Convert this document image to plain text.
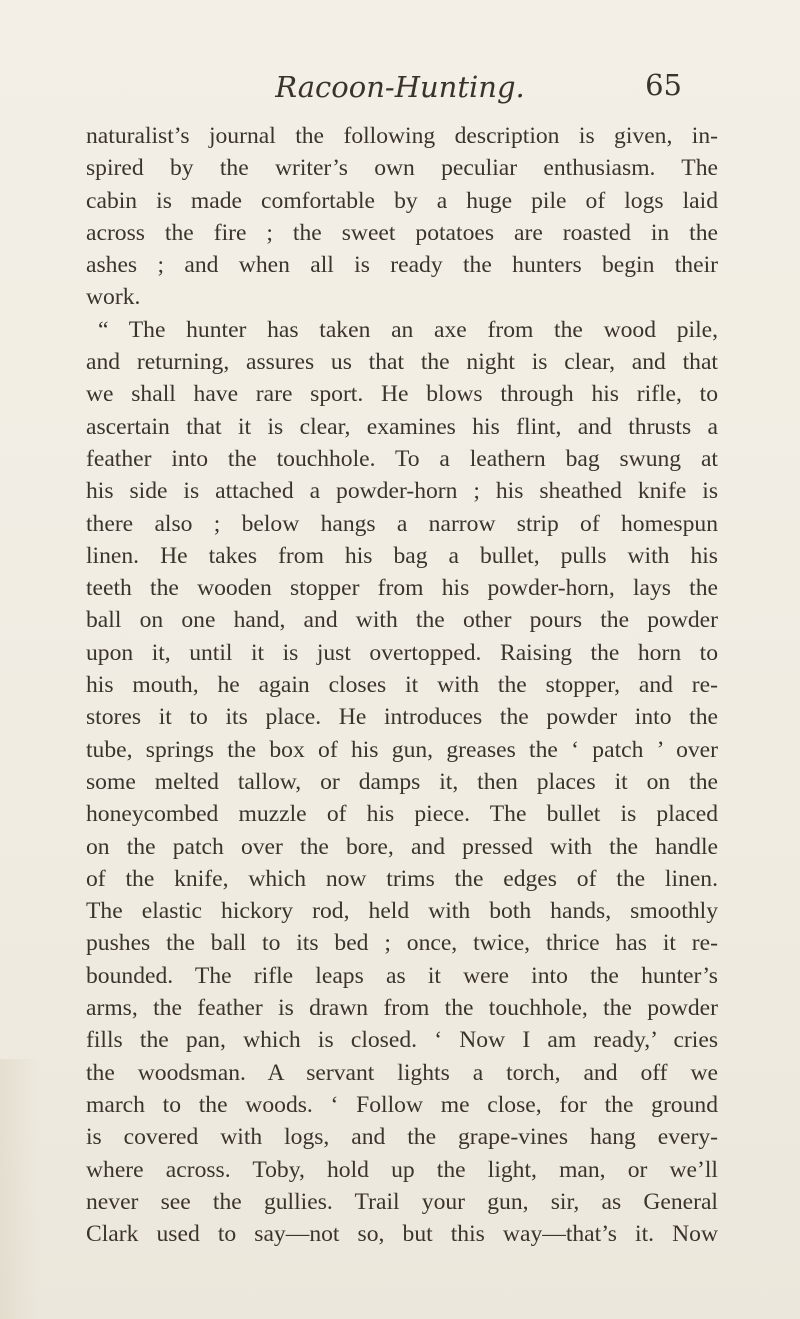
Racoon-Hunting.	65
naturalist’s journal the following description is given, in-
spired by the writer’s own peculiar enthusiasm. The
cabin is made comfortable by a huge pile of logs laid
across the fire ; the sweet potatoes are roasted in the
ashes ; and when all is ready the hunters begin their
work.
“ The hunter has taken an axe from the wood pile,
and returning, assures us that the night is clear, and that
we shall have rare sport. He blows through his rifle, to
ascertain that it is clear, examines his flint, and thrusts a
feather into the touchhole. To a leathern bag swung at
his side is attached a powder-horn ; his sheathed knife is
there also ; below hangs a narrow strip of homespun
linen. He takes from his bag a bullet, pulls with his
teeth the wooden stopper from his powder-horn, lays the
ball on one hand, and with the other pours the powder
upon it, until it is just overtopped. Raising the horn to
his mouth, he again closes it with the stopper, and re-
stores it to its place. He introduces the powder into the
tube, springs the box of his gun, greases the ‘ patch ’ over
some melted tallow, or damps it, then places it on the
honeycombed muzzle of his piece. The bullet is placed
on the patch over the bore, and pressed with the handle
of the knife, which now trims the edges of the linen.
The elastic hickory rod, held with both hands, smoothly
pushes the ball to its bed ; once, twice, thrice has it re-
bounded. The rifle leaps as it were into the hunter’s
arms, the feather is drawn from the touchhole, the powder
fills the pan, which is closed. ‘ Now I am ready,’ cries
the woodsman. A servant lights a torch, and off we
march to the woods. ‘ Follow me close, for the ground
is covered with logs, and the grape-vines hang every-
where across. Toby, hold up the light, man, or we’ll
never see the gullies. Trail your gun, sir, as General
Clark used to say—not so, but this way—that’s it. Now
